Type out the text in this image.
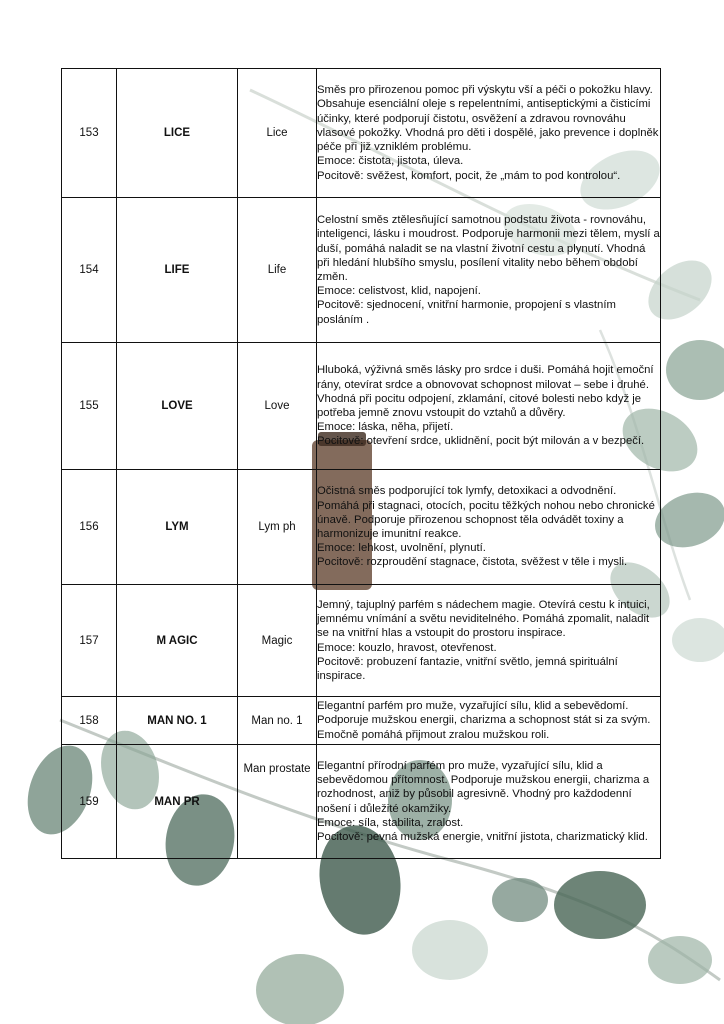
153	LICE	Lice	Směs pro přirozenou pomoc při výskytu vší a péči o pokožku hlavy. Obsahuje esenciální oleje s repelentními, antiseptickými a čisticími účinky, které podporují čistotu, osvěžení a zdravou rovnováhu vlasové pokožky. Vhodná pro děti i dospělé, jako prevence i doplněk péče při již vzniklém problému.

Emoce: čistota, jistota, úleva.

Pocitově: svěžest, komfort, pocit, že „mám to pod kontrolou“.

154	LIFE	Life	Celostní směs ztělesňující samotnou podstatu života - rovnováhu, inteligenci, lásku i moudrost. Podporuje harmonii mezi tělem, myslí a duší, pomáhá naladit se na vlastní životní cestu a plynutí. Vhodná při hledání hlubšího smyslu, posílení vitality nebo během období změn.

Emoce: celistvost, klid, napojení.

Pocitově: sjednocení, vnitřní harmonie, propojení s vlastním posláním .

155	LOVE	Love	Hluboká, výživná směs lásky pro srdce i duši. Pomáhá hojit emoční rány, otevírat srdce a obnovovat schopnost milovat – sebe i druhé. Vhodná při pocitu odpojení, zklamání, citové bolesti nebo když je potřeba jemně znovu vstoupit do vztahů a důvěry.

Emoce: láska, něha, přijetí.

Pocitově: otevření srdce, uklidnění, pocit být milován a v bezpečí.

156	LYM	Lym ph	Očistná směs podporující tok lymfy, detoxikaci a odvodnění. Pomáhá při stagnaci, otocích, pocitu těžkých nohou nebo chronické únavě. Podporuje přirozenou schopnost těla odvádět toxiny a harmonizuje imunitní reakce.

Emoce: lehkost, uvolnění, plynutí.

Pocitově: rozproudění stagnace, čistota, svěžest v těle i mysli.

157	M AGIC	Magic	Jemný, tajuplný parfém s nádechem magie. Otevírá cestu k intuici, jemnému vnímání a světu neviditelného. Pomáhá zpomalit, naladit se na vnitřní hlas a vstoupit do prostoru inspirace.

Emoce: kouzlo, hravost, otevřenost.

Pocitově: probuzení fantazie, vnitřní světlo, jemná spirituální inspirace.

158	MAN NO. 1	Man no. 1	Elegantní parfém pro muže, vyzařující sílu, klid a sebevědomí. Podporuje mužskou energii, charizma a schopnost stát si za svým. Emočně pomáhá přijmout zralou mužskou roli.

159	MAN PR	Man prostate	Elegantní přírodní parfém pro muže, vyzařující sílu, klid a sebevědomou přítomnost. Podporuje mužskou energii, charizma a rozhodnost, aniž by působil agresivně. Vhodný pro každodenní nošení i důležité okamžiky.

Emoce: síla, stabilita, zralost.

Pocitově: pevná mužská energie, vnitřní jistota, charizmatický klid.
